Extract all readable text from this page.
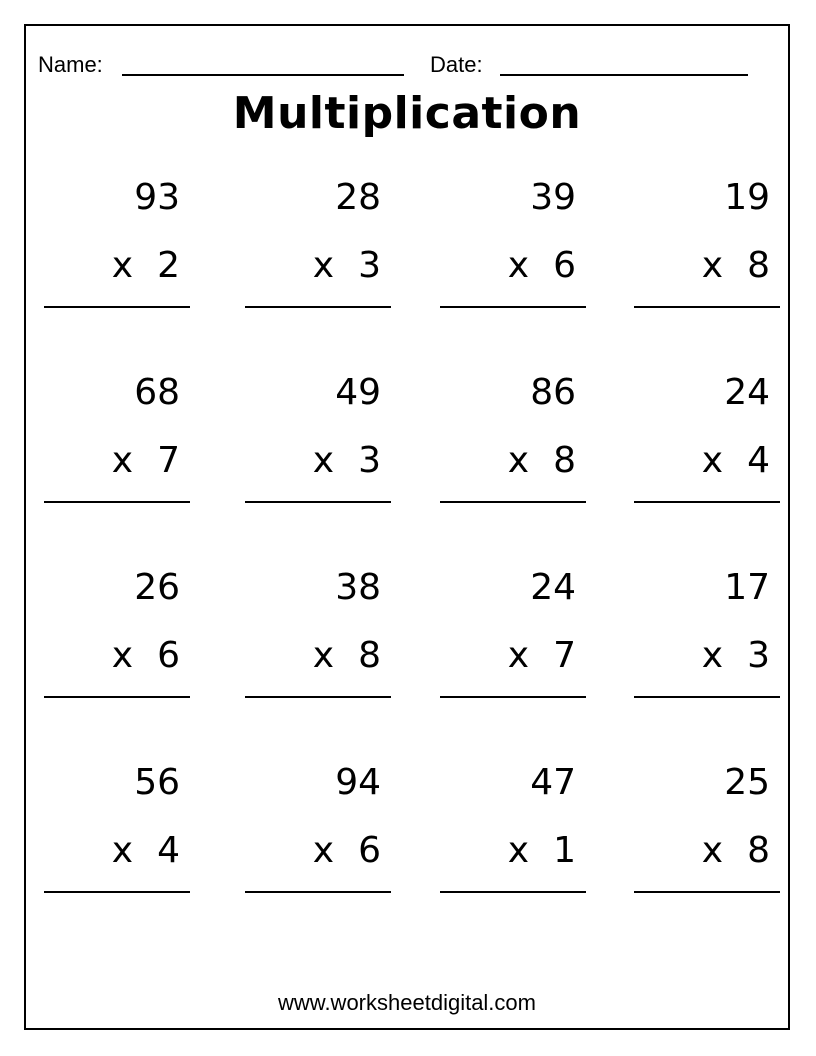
Name:	Date:
Multiplication
93
x 2
28
x 3
39
x 6
19
x 8
68
x 7
49
x 3
86
x 8
24
x 4
26
x 6
38
x 8
24
x 7
17
x 3
56
x 4
94
x 6
47
x 1
25
x 8
www.worksheetdigital.com
